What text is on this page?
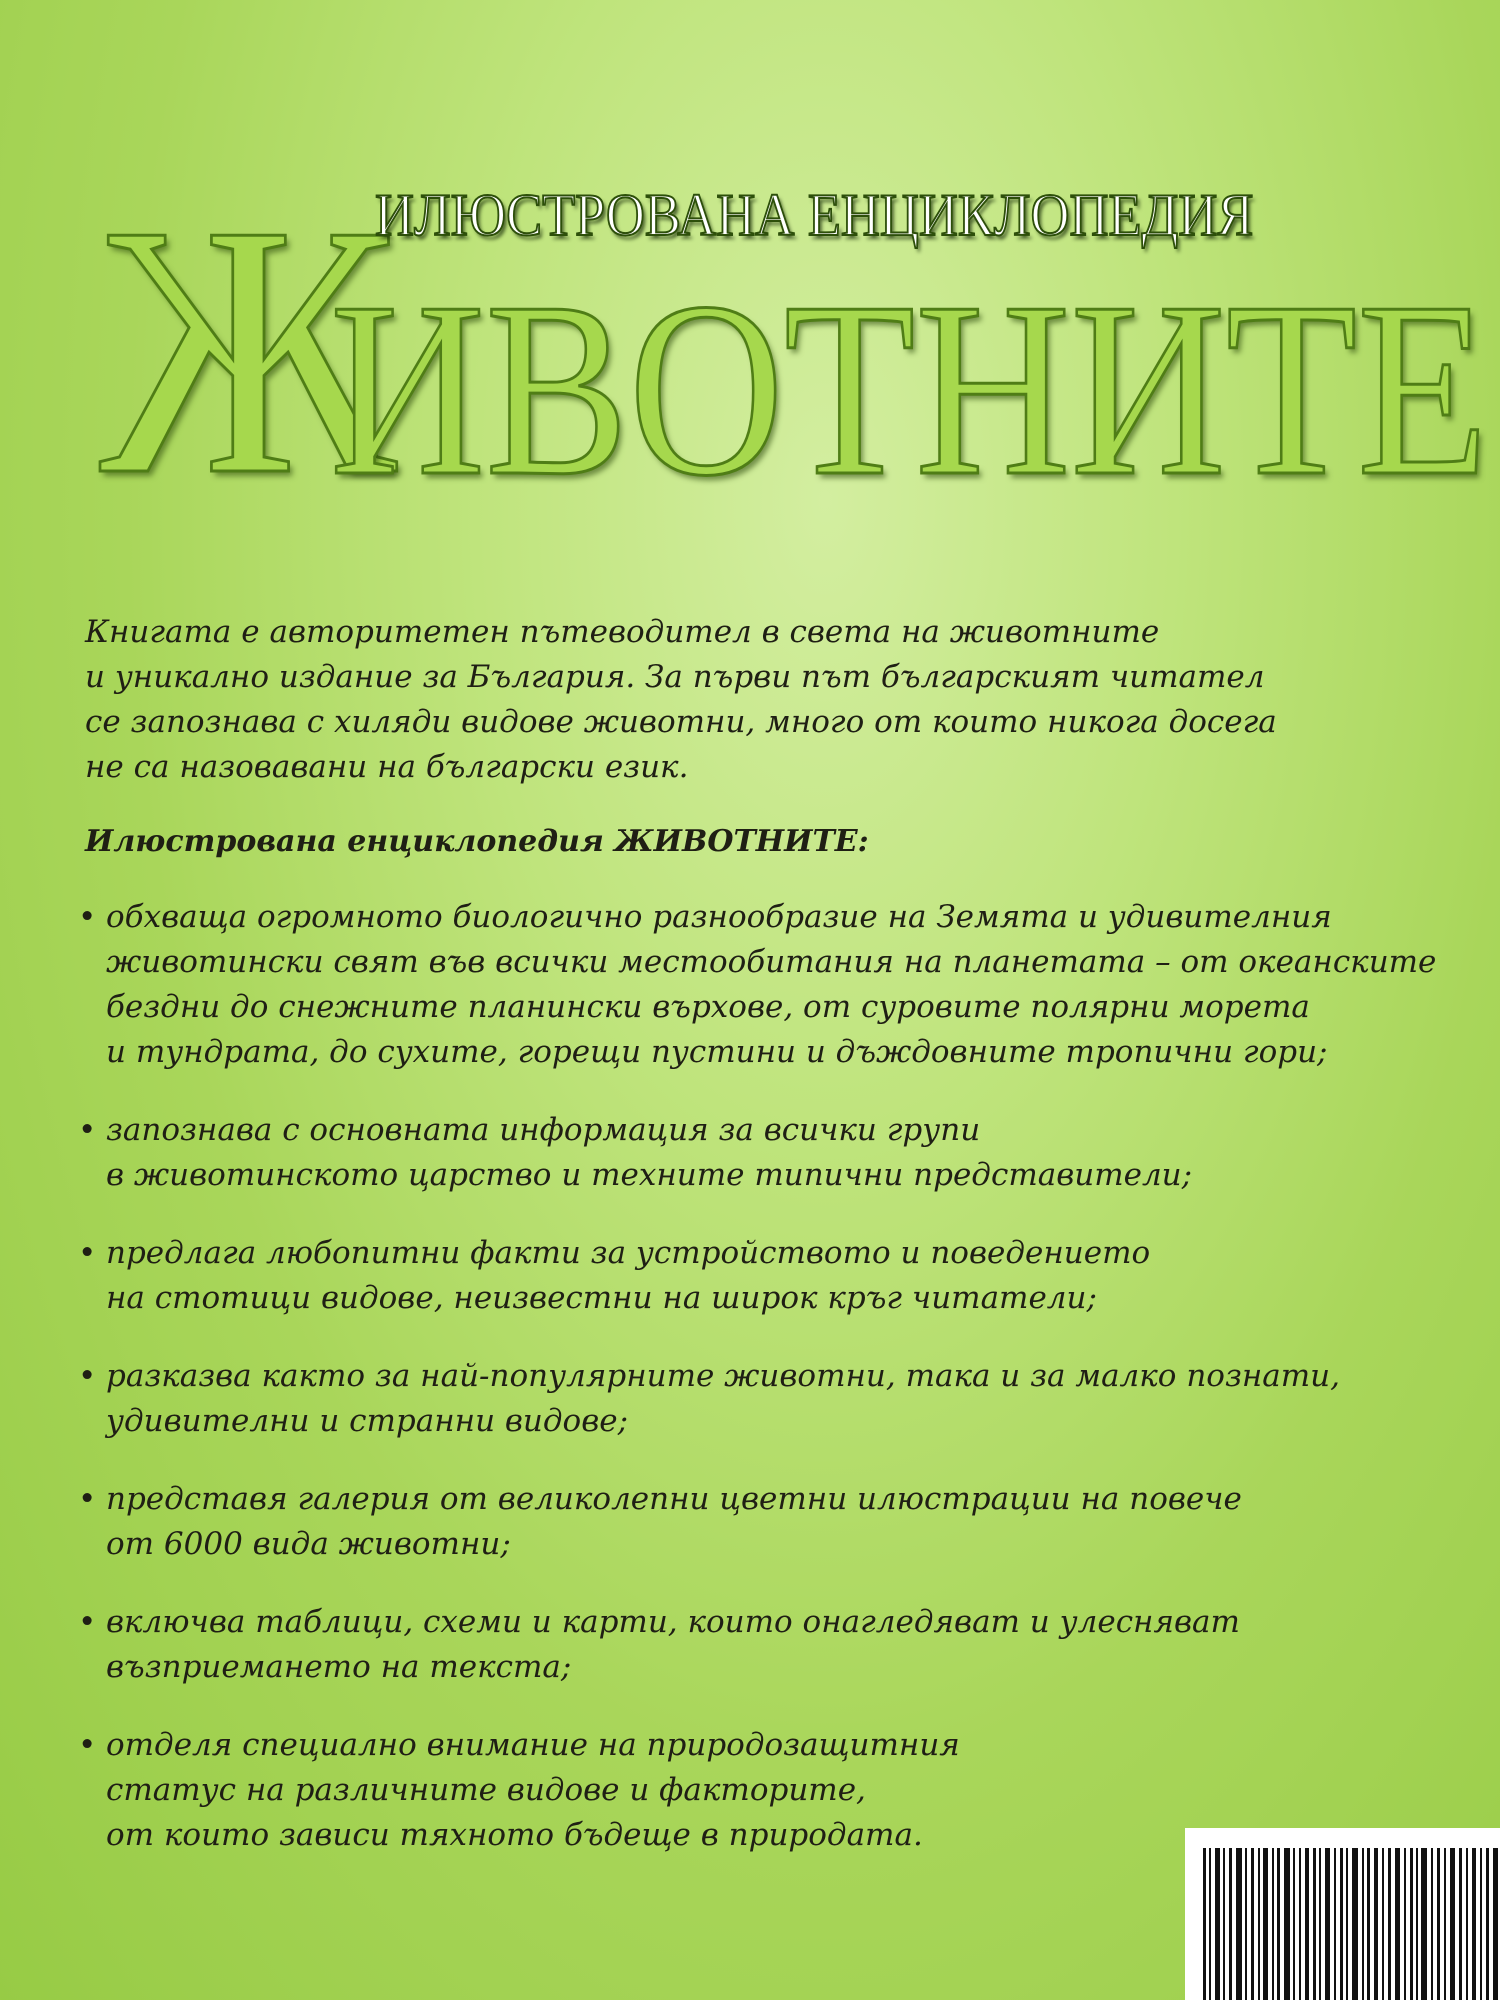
Ж
ИЛЮСТРОВАНА ЕНЦИКЛОПЕДИЯ
ИВОТНИТЕ
Книгата е авторитетен пътеводител в света на животните
и уникално издание за България. За първи път българският читател
се запознава с хиляди видове животни, много от които никога досега
не са назовавани на български език.
Илюстрована енциклопедия ЖИВОТНИТЕ:
• обхваща огромното биологично разнообразие на Земята и удивителния
животински свят във всички местообитания на планетата – от океанските
бездни до снежните планински върхове, от суровите полярни морета
и тундрата, до сухите, горещи пустини и дъждовните тропични гори;
• запознава с основната информация за всички групи
в животинското царство и техните типични представители;
• предлага любопитни факти за устройството и поведението
на стотици видове, неизвестни на широк кръг читатели;
• разказва както за най-популярните животни, така и за малко познати,
удивителни и странни видове;
• представя галерия от великолепни цветни илюстрации на повече
от 6000 вида животни;
• включва таблици, схеми и карти, които онагледяват и улесняват
възприемането на текста;
• отделя специално внимание на природозащитния
статус на различните видове и факторите,
от които зависи тяхното бъдеще в природата.
